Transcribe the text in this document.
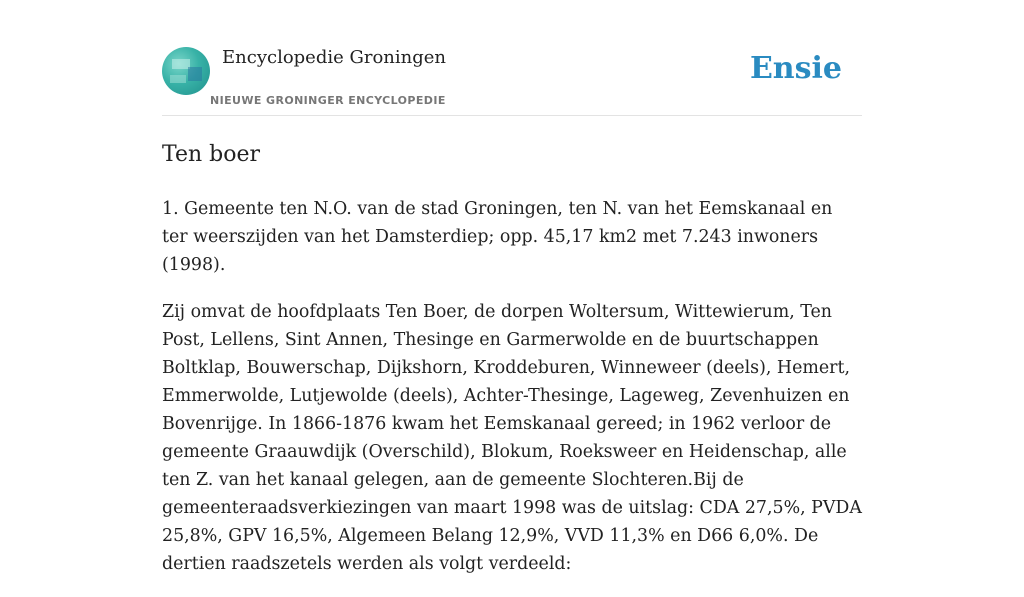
Encyclopedie Groningen
NIEUWE GRONINGER ENCYCLOPEDIE
Ensie
Ten boer

1. Gemeente ten N.O. van de stad Groningen, ten N. van het Eemskanaal en ter weerszijden van het Damsterdiep; opp. 45,17 km2 met 7.243 inwoners (1998).

Zij omvat de hoofdplaats Ten Boer, de dorpen Woltersum, Wittewierum, Ten Post, Lellens, Sint Annen, Thesinge en Garmerwolde en de buurtschappen Boltklap, Bouwerschap, Dijkshorn, Kroddeburen, Winneweer (deels), Hemert, Emmerwolde, Lutjewolde (deels), Achter-Thesinge, Lageweg, Zevenhuizen en Bovenrijge. In 1866-1876 kwam het Eemskanaal gereed; in 1962 verloor de gemeente Graauwdijk (Overschild), Blokum, Roeksweer en Heidenschap, alle ten Z. van het kanaal gelegen, aan de gemeente Slochteren.Bij de gemeenteraadsverkiezingen van maart 1998 was de uitslag: CDA 27,5%, PVDA 25,8%, GPV 16,5%, Algemeen Belang 12,9%, VVD 11,3% en D66 6,0%. De dertien raadszetels werden als volgt verdeeld:
